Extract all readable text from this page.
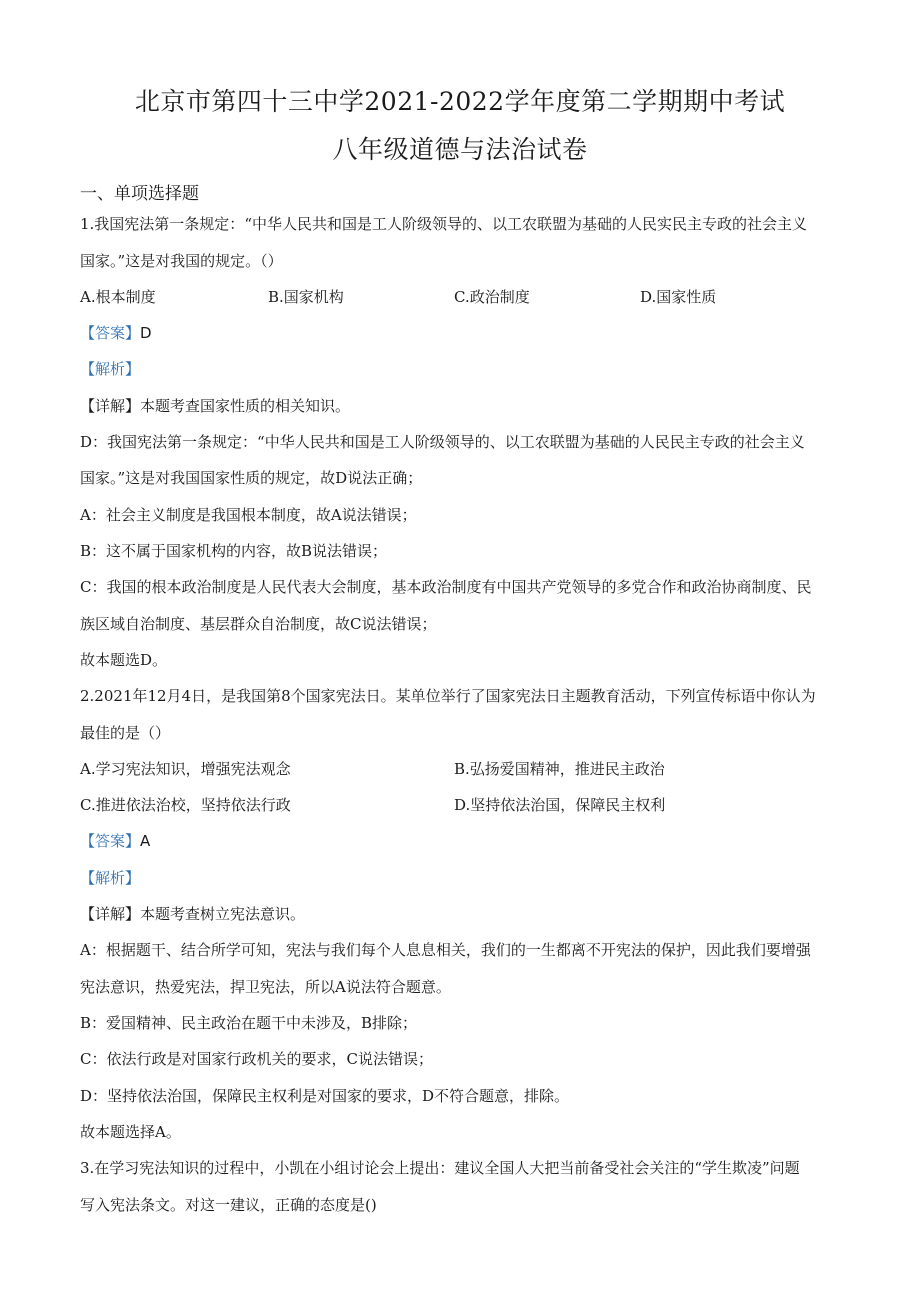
北京市第四十三中学2021-2022学年度第二学期期中考试
八年级道德与法治试卷
一、单项选择题
1.我国宪法第一条规定：“中华人民共和国是工人阶级领导的、以工农联盟为基础的人民实民主专政的社会主义
国家。”这是对我国的规定。（）
A.根本制度	B.国家机构	C.政治制度	D.国家性质
【答案】D
【解析】
【详解】本题考查国家性质的相关知识。
D：我国宪法第一条规定：“中华人民共和国是工人阶级领导的、以工农联盟为基础的人民民主专政的社会主义
国家。”这是对我国国家性质的规定，故D说法正确；
A：社会主义制度是我国根本制度，故A说法错误；
B：这不属于国家机构的内容，故B说法错误；
C：我国的根本政治制度是人民代表大会制度，基本政治制度有中国共产党领导的多党合作和政治协商制度、民
族区域自治制度、基层群众自治制度，故C说法错误；
故本题选D。
2.2021年12月4日，是我国第8个国家宪法日。某单位举行了国家宪法日主题教育活动，下列宣传标语中你认为
最佳的是（）
A.学习宪法知识，增强宪法观念	B.弘扬爱国精神，推进民主政治
C.推进依法治校，坚持依法行政	D.坚持依法治国，保障民主权利
【答案】A
【解析】
【详解】本题考查树立宪法意识。
A：根据题干、结合所学可知，宪法与我们每个人息息相关，我们的一生都离不开宪法的保护，因此我们要增强
宪法意识，热爱宪法，捍卫宪法，所以A说法符合题意。
B：爱国精神、民主政治在题干中未涉及，B排除；
C：依法行政是对国家行政机关的要求，C说法错误；
D：坚持依法治国，保障民主权利是对国家的要求，D不符合题意，排除。
故本题选择A。
3.在学习宪法知识的过程中，小凯在小组讨论会上提出：建议全国人大把当前备受社会关注的“学生欺凌”问题
写入宪法条文。对这一建议，正确的态度是()
